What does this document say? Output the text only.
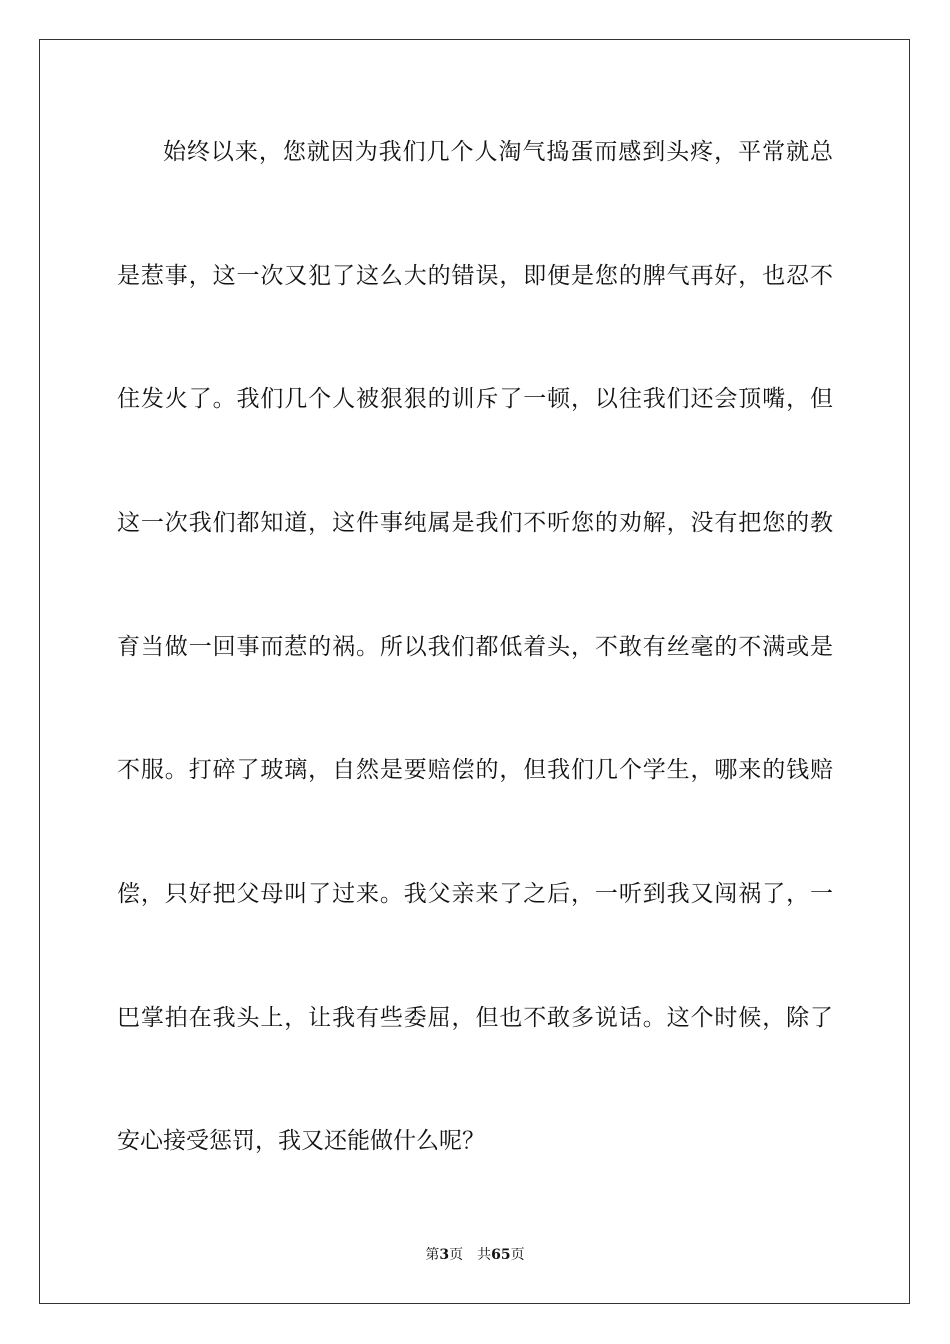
始终以来，您就因为我们几个人淘气捣蛋而感到头疼，平常就总
是惹事，这一次又犯了这么大的错误，即便是您的脾气再好，也忍不
住发火了。我们几个人被狠狠的训斥了一顿，以往我们还会顶嘴，但
这一次我们都知道，这件事纯属是我们不听您的劝解，没有把您的教
育当做一回事而惹的祸。所以我们都低着头，不敢有丝毫的不满或是
不服。打碎了玻璃，自然是要赔偿的，但我们几个学生，哪来的钱赔
偿，只好把父母叫了过来。我父亲来了之后，一听到我又闯祸了，一
巴掌拍在我头上，让我有些委屈，但也不敢多说话。这个时候，除了
安心接受惩罚，我又还能做什么呢？
第3页 共65页
